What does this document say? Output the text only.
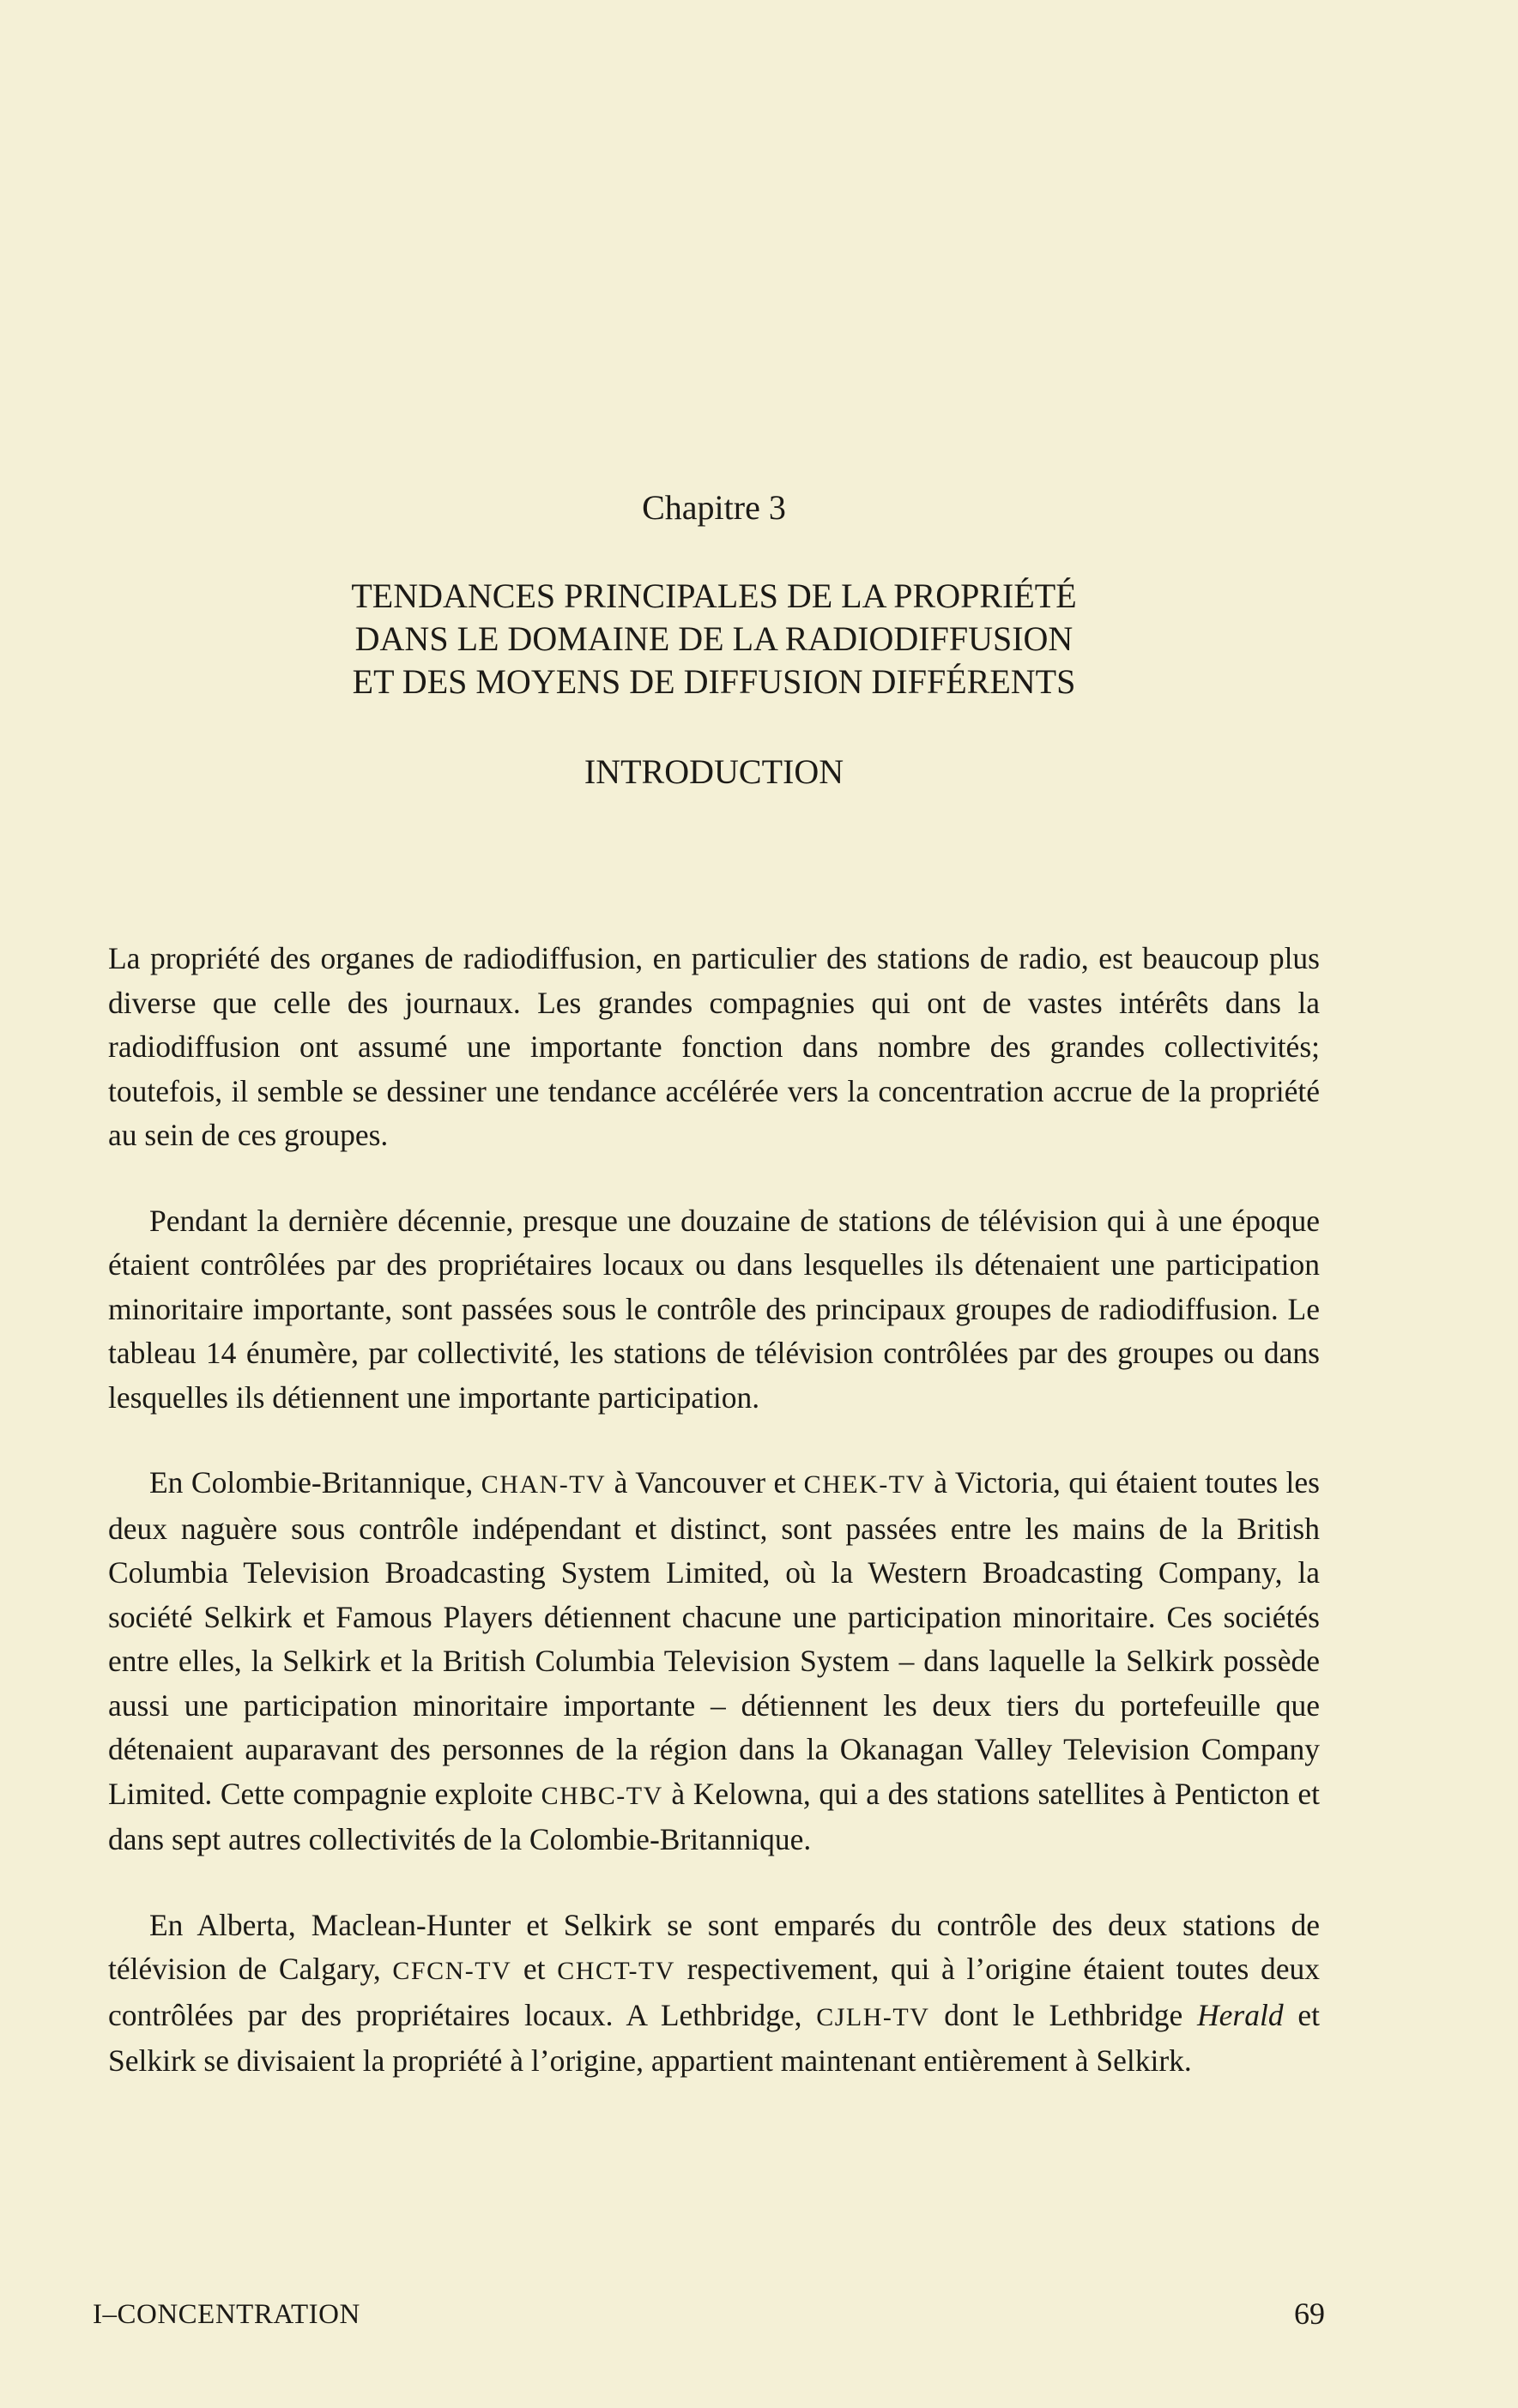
Chapitre 3
TENDANCES PRINCIPALES DE LA PROPRIÉTÉ
DANS LE DOMAINE DE LA RADIODIFFUSION
ET DES MOYENS DE DIFFUSION DIFFÉRENTS
INTRODUCTION

La propriété des organes de radiodiffusion, en particulier des stations de radio, est beaucoup plus diverse que celle des journaux. Les grandes compagnies qui ont de vastes intérêts dans la radiodiffusion ont assumé une importante fonction dans nombre des grandes collectivités; toutefois, il semble se dessiner une tendance accélérée vers la concentration accrue de la propriété au sein de ces groupes.

Pendant la dernière décennie, presque une douzaine de stations de télévision qui à une époque étaient contrôlées par des propriétaires locaux ou dans lesquelles ils détenaient une participation minoritaire importante, sont passées sous le contrôle des principaux groupes de radiodiffusion. Le tableau 14 énumère, par collectivité, les stations de télévision contrôlées par des groupes ou dans lesquelles ils détiennent une importante participation.

En Colombie-Britannique, CHAN-TV à Vancouver et CHEK-TV à Victoria, qui étaient toutes les deux naguère sous contrôle indépendant et distinct, sont passées entre les mains de la British Columbia Television Broadcasting System Limited, où la Western Broadcasting Company, la société Selkirk et Famous Players détiennent chacune une participation minoritaire. Ces sociétés entre elles, la Selkirk et la British Columbia Television System – dans laquelle la Selkirk possède aussi une participation minoritaire importante – détiennent les deux tiers du portefeuille que détenaient auparavant des personnes de la région dans la Okanagan Valley Television Company Limited. Cette compagnie exploite CHBC-TV à Kelowna, qui a des stations satellites à Penticton et dans sept autres collectivités de la Colombie-Britannique.

En Alberta, Maclean-Hunter et Selkirk se sont emparés du contrôle des deux stations de télévision de Calgary, CFCN-TV et CHCT-TV respectivement, qui à l’origine étaient toutes deux contrôlées par des propriétaires locaux. A Lethbridge, CJLH-TV dont le Lethbridge Herald et Selkirk se divisaient la propriété à l’origine, appartient maintenant entièrement à Selkirk.

I–CONCENTRATION	69
